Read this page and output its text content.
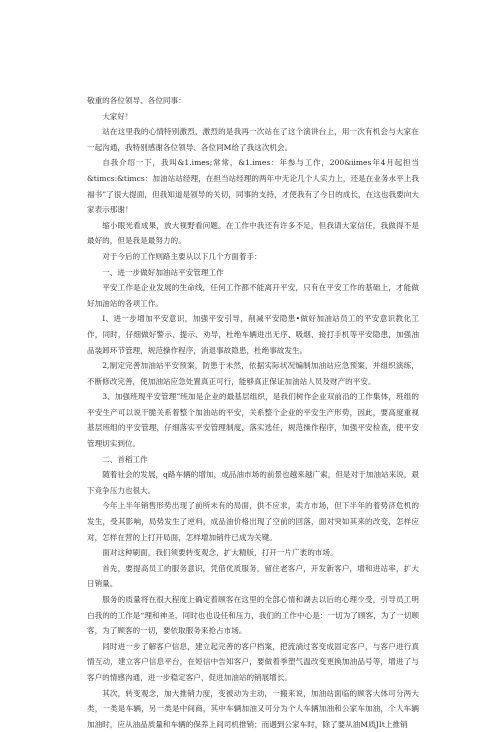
敬重的各位领导、各位同事：

大家好！

站在这里我的心情特别激烈，激烈的是我再一次站在了这个演讲台上，用一次有机会与大家在一起沟通，我特别感谢各位领导、各位同M给了我这次机会。

自我介绍一下，我叫&1.imes;常常，&1.imes：年参与工作，200&iimes年4月起担当&timcs:&timcs：加油站站经理，在担当站经理的两年中无论几个人实力上，还是在业务水平上我福书”了很大提面，但我知道是领导的关切，同事的支持，才使我有了今日的成长，在这也我要向大家表示那谢！

缩小眼光看成果，放大视野看问题。在工作中我还有许多不足，但我请大家信任，我做得不是最好的，但是我是最努力的。

对于今后的工作则路主要从以下几个方面着手：

一、进一步做好加油站平安管理工作

平安工作是企业发展的生命线，任何工作都不能离开平安，只有在平安工作的基础上，才能做好加油站的各项工作。

I、进一步增加平安意识，加强平安引导，削减平安隐患•做好加油站员工的平安意识教化工作，同时，仔细做好警示、提示、劝导，杜绝车辆进出无序、吸烟、接打手机等平安隐患，加强油品装卸环节管理，规范操作程序，消退事故隐患，杜绝事故发生。

2,制定完善加油站平安预案，防患于未然，依据实际状况编制加油站应急预案，并组织演练，不断修改完善，使加油站应急处置真正可行，能够真正保证加油站人员及财产的平安。

3、加强班现平安管理”班加是企业的最基层组织，是我们树作企业双前沿的工作集体，班组的平安生产可以说干脆关系着整个加油站的平安，关系整个企业的平安生产形势，因此，要高度重视基层班组的平安管理，仔细落实平安管理制度，落实选任，规范操作程序，加强平安检查，使平安管理切实到位。

二、首稻工作

随着社会的发展，q路车辆的增加，成品油市场的前景也越来越广索，但是对于加油站来说，艰下竞争压力也很大。

今年上半年销售形势出现了前所未有的局面，供不应求，卖方市场，但下半年的着势济危机的发生，受其影响，局势发生了逆料，成品油价格出现了空前的回落，面对突如其来的改变，怎样应对，怎样在营的上打开局面，怎样增加销件已成为关键。

面对这种刷面，我们须要转变观念，扩大精版，打开一片广袤的市场。

首先，要提高员工的服务意识，凭借优质服务，留住老客户，开发新客户，增和进站率，扩大日销量。

服务的质量将在很大程度上确定着顾客在这里的全部心情和湖去以后的心理少受，引导员工明白我的的工作是“理和神圣，同时也也设任和压力，我们的工作中心是：一切为了顾客，为了一切顾客，为了顾客的一切，要依取服务来抢占市场。

同时进一步了解客户信息，建立起完善的客户档案，把流淌过客变成固定客户，与客户进行真情互动，建立客户信息平台，在短信中告知客户，要做着季塑气温改变更换加油品号等，增进了与客户的情感沟通，进一步稳定客户，促进加油站的销展增长。

其次，转变观念，加大推销力度，变被动为主动，一搬来说，加油站面临的顾客大体可分两大类，一类是车辆，另一类是中间商，其中车辆加油又可分为个人车辆加油和公家车加油，个人车辆加油时，应从油品质量和车辆的保养上间司机推销；而遇到公家车时，除了要从油M质JIt上推销
